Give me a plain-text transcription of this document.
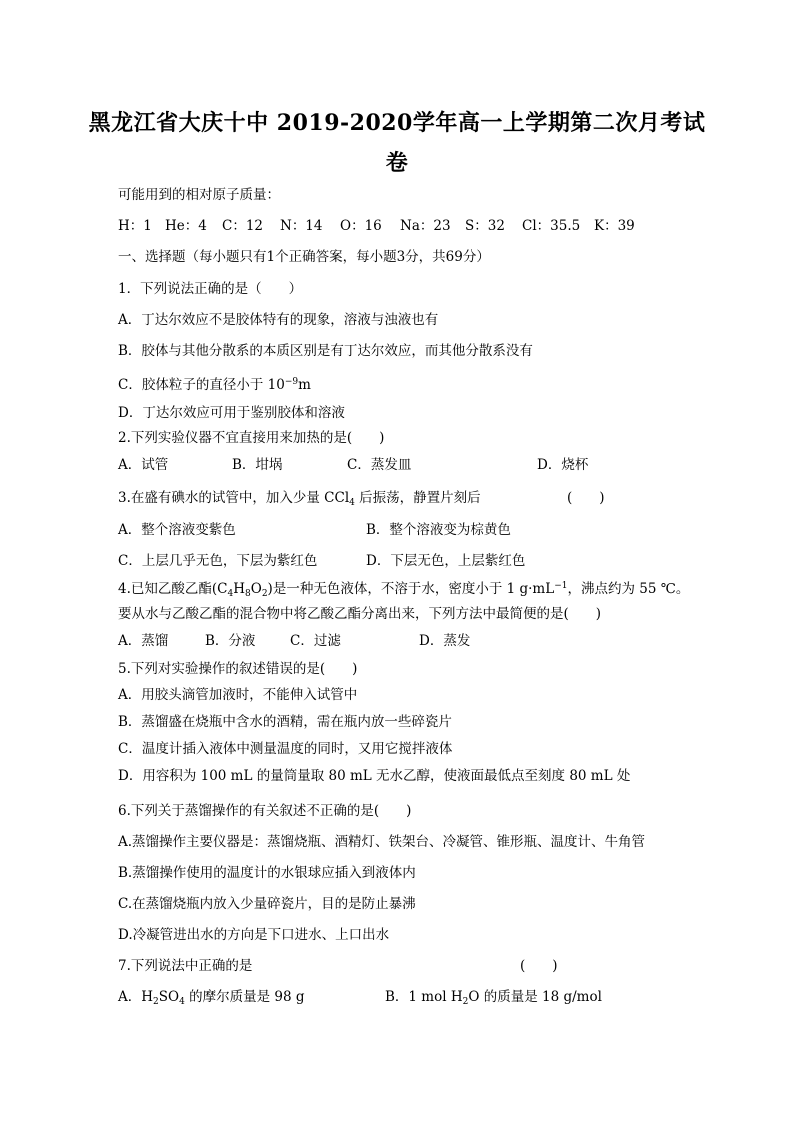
黑龙江省大庆十中 2019-2020学年高一上学期第二次月考试
卷
可能用到的相对原子质量：
H：1 He：4 C：12 N：14 O：16 Na：23 S：32 Cl：35.5 K：39
一、选择题（每小题只有1个正确答案，每小题3分，共69分）
1．下列说法正确的是（　　）
A．丁达尔效应不是胶体特有的现象，溶液与浊液也有
B．胶体与其他分散系的本质区别是有丁达尔效应，而其他分散系没有
C．胶体粒子的直径小于 $10^{-9}m$
D．丁达尔效应可用于鉴别胶体和溶液
2.下列实验仪器不宜直接用来加热的是(　　)
A．试管	B．坩埚	C．蒸发皿	D．烧杯
3.在盛有碘水的试管中，加入少量 CCl$_4$ 后振荡，静置片刻后	(　　)
A．整个溶液变紫色	B．整个溶液变为棕黄色
C．上层几乎无色，下层为紫红色	D．下层无色，上层紫红色
4.已知乙酸乙酯$(C_4H_8O_2)$是一种无色液体，不溶于水，密度小于 1 $g\cdot mL^{-1}$，沸点约为 55 ℃。
要从水与乙酸乙酯的混合物中将乙酸乙酯分离出来，下列方法中最简便的是(　　)
A．蒸馏	B．分液	C．过滤	D．蒸发
5.下列对实验操作的叙述错误的是(　　)
A．用胶头滴管加液时，不能伸入试管中
B．蒸馏盛在烧瓶中含水的酒精，需在瓶内放一些碎瓷片
C．温度计插入液体中测量温度的同时，又用它搅拌液体
D．用容积为 100 mL 的量筒量取 80 mL 无水乙醇，使液面最低点至刻度 80 mL 处
6.下列关于蒸馏操作的有关叙述不正确的是(　　)
A.蒸馏操作主要仪器是：蒸馏烧瓶、酒精灯、铁架台、冷凝管、锥形瓶、温度计、牛角管
B.蒸馏操作使用的温度计的水银球应插入到液体内
C.在蒸馏烧瓶内放入少量碎瓷片，目的是防止暴沸
D.冷凝管进出水的方向是下口进水、上口出水
7.下列说法中正确的是	(　　)
A．$H_2SO_4$ 的摩尔质量是 98 g	B．1 mol $H_2O$ 的质量是 18 g/mol
